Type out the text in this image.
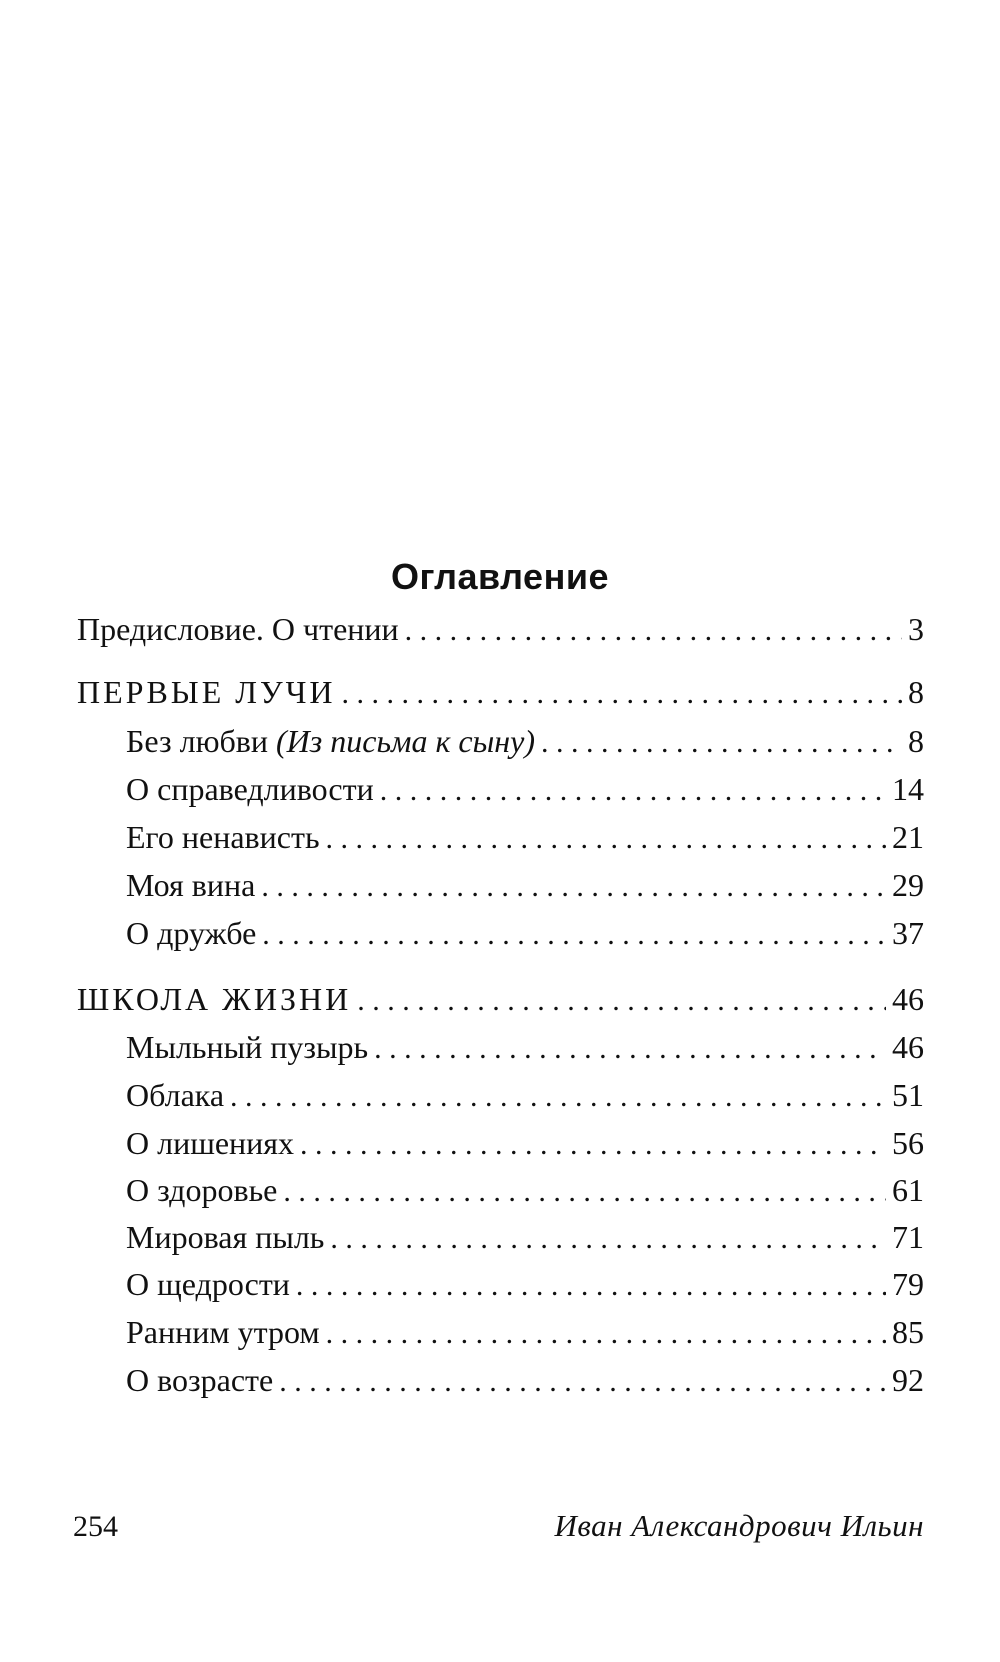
Оглавление
Предисловие. О чтении . . .	3
ПЕРВЫЕ ЛУЧИ . . .	8
Без любви (Из письма к сыну) . . .	8
О справедливости . . .	14
Его ненависть . . .	21
Моя вина . . .	29
О дружбе . . .	37
ШКОЛА ЖИЗНИ . . .	46
Мыльный пузырь . . .	46
Облака . . .	51
О лишениях . . .	56
О здоровье . . .	61
Мировая пыль . . .	71
О щедрости . . .	79
Ранним утром . . .	85
О возрасте . . .	92
254	Иван Александрович Ильин
